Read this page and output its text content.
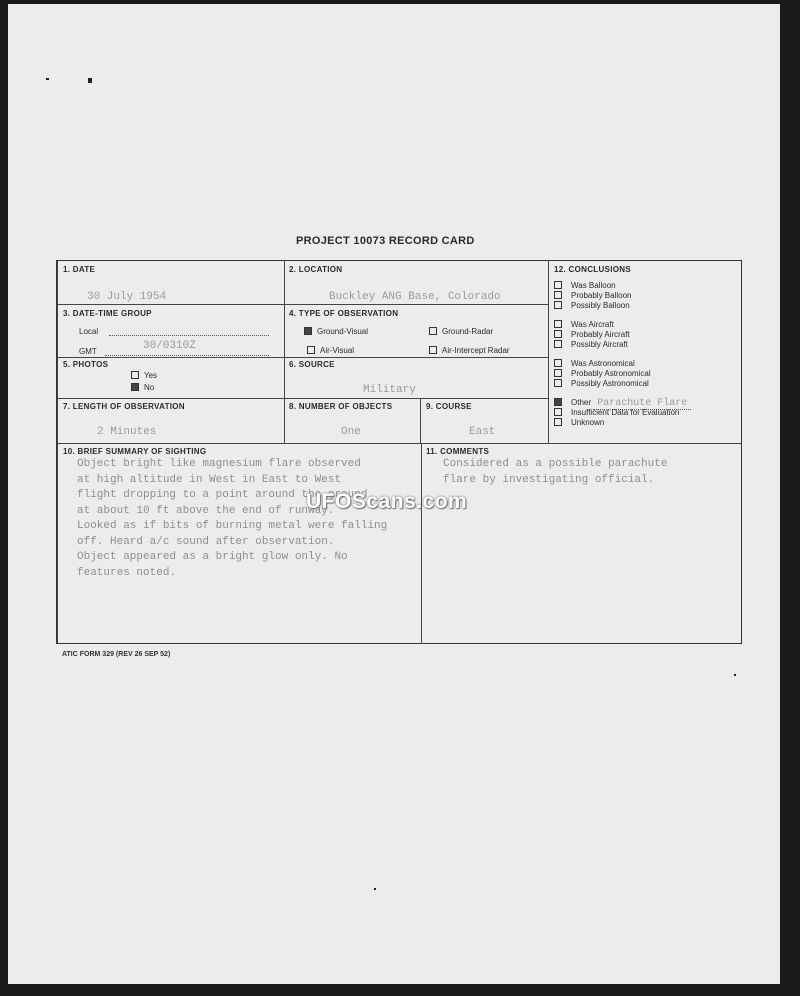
PROJECT 10073 RECORD CARD
1. DATE
30 July 1954
2. LOCATION
Buckley ANG Base, Colorado
3. DATE-TIME GROUP
Local
GMT	30/0310Z
4. TYPE OF OBSERVATION
Ground-Visual	Ground-Radar
Air-Visual	Air-Intercept Radar
5. PHOTOS
Yes
No
6. SOURCE
Military
7. LENGTH OF OBSERVATION
2 Minutes
8. NUMBER OF OBJECTS
One
9. COURSE
East
10. BRIEF SUMMARY OF SIGHTING
Object bright like magnesium flare observed
at high altitude in West in East to West
flight dropping to a point around the ground
at about 10 ft above the end of runway.
Looked as if bits of burning metal were falling
off. Heard a/c sound after observation.
Object appeared as a bright glow only. No
features noted.
11. COMMENTS
Considered as a possible parachute
flare by investigating official.
12. CONCLUSIONS
Was Balloon
Probably Balloon
Possibly Balloon
Was Aircraft
Probably Aircraft
Possibly Aircraft
Was Astronomical
Probably Astronomical
Possibly Astronomical
Other Parachute Flare
Insufficient Data for Evaluation
Unknown
UFOScans.com
ATIC FORM 329 (REV 26 SEP 52)
